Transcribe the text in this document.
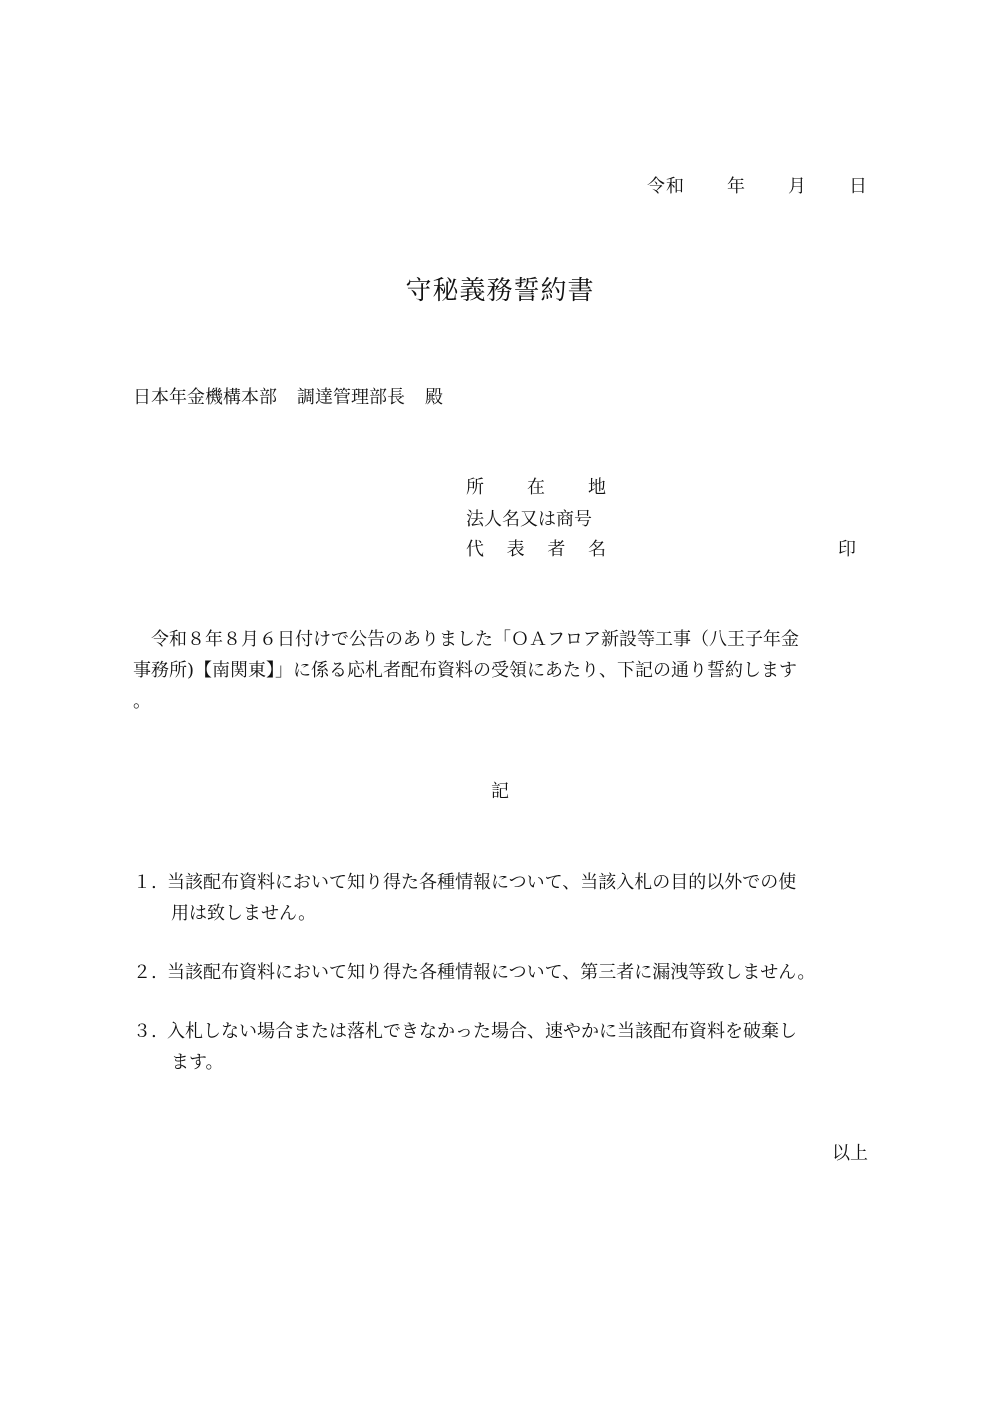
令和 年 月 日
守秘義務誓約書
日本年金機構本部 調達管理部長 殿
所 在 地
法人名又は商号
代 表 者 名	印
令和８年８月６日付けで公告のありました「ＯＡフロア新設等工事（八王子年金
事務所)【南関東】」に係る応札者配布資料の受領にあたり、下記の通り誓約します
。
記
１. 当該配布資料において知り得た各種情報について、当該入札の目的以外での使
用は致しません。
２. 当該配布資料において知り得た各種情報について、第三者に漏洩等致しません。
３. 入札しない場合または落札できなかった場合、速やかに当該配布資料を破棄し
ます。
以上
